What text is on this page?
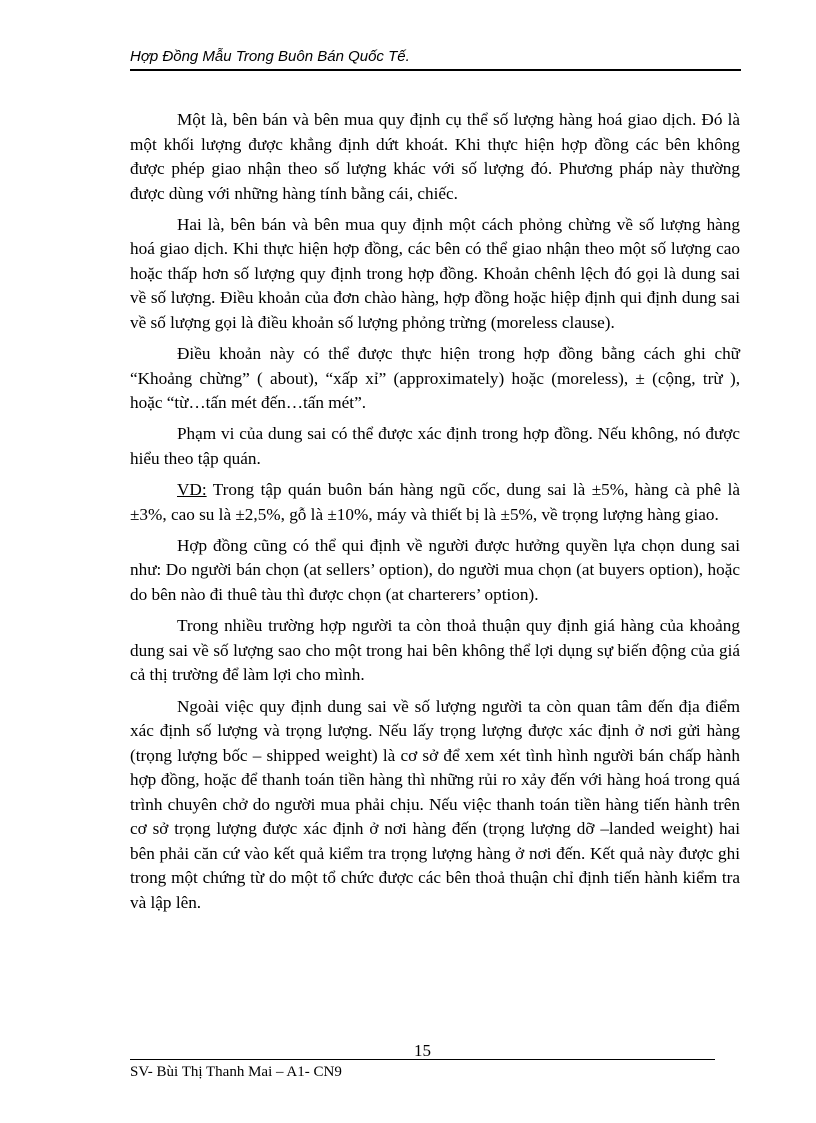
Hợp Đồng Mẫu Trong Buôn Bán Quốc Tế.

Một là, bên bán và bên mua quy định cụ thể số lượng hàng hoá giao dịch. Đó là một khối lượng được khẳng định dứt khoát. Khi thực hiện hợp đồng các bên không được phép giao nhận theo số lượng khác với số lượng đó. Phương pháp này thường được dùng với những hàng tính bằng cái, chiếc.

Hai là, bên bán và bên mua quy định một cách phỏng chừng về số lượng hàng hoá giao dịch. Khi thực hiện hợp đồng, các bên có thể giao nhận theo một số lượng cao hoặc thấp hơn số lượng quy định trong hợp đồng. Khoản chênh lệch đó gọi là dung sai về số lượng. Điều khoản của đơn chào hàng, hợp đồng hoặc hiệp định qui định dung sai về số lượng gọi là điều khoản số lượng phỏng trừng (moreless clause).

Điều khoản này có thể được thực hiện trong hợp đồng bằng cách ghi chữ “Khoảng chừng” ( about), “xấp xỉ” (approximately) hoặc (moreless), ± (cộng, trừ ), hoặc “từ…tấn mét đến…tấn mét”.

Phạm vi của dung sai có thể được xác định trong hợp đồng. Nếu không, nó được hiểu theo tập quán.

VD: Trong tập quán buôn bán hàng ngũ cốc, dung sai là ±5%, hàng cà phê là ±3%, cao su là ±2,5%, gỗ là ±10%, máy và thiết bị là ±5%, về trọng lượng hàng giao.

Hợp đồng cũng có thể qui định về người được hưởng quyền lựa chọn dung sai như: Do người bán chọn (at sellers’ option), do người mua chọn (at buyers option), hoặc do bên nào đi thuê tàu thì được chọn (at charterers’ option).

Trong nhiều trường hợp người ta còn thoả thuận quy định giá hàng của khoảng dung sai về số lượng sao cho một trong hai bên không thể lợi dụng sự biến động của giá cả thị trường để làm lợi cho mình.

Ngoài việc quy định dung sai về số lượng người ta còn quan tâm đến địa điểm xác định số lượng và trọng lượng. Nếu lấy trọng lượng được xác định ở nơi gửi hàng (trọng lượng bốc – shipped weight) là cơ sở để xem xét tình hình người bán chấp hành hợp đồng, hoặc để thanh toán tiền hàng thì những rủi ro xảy đến với hàng hoá trong quá trình chuyên chở do người mua phải chịu. Nếu việc thanh toán tiền hàng tiến hành trên cơ sở trọng lượng được xác định ở nơi hàng đến (trọng lượng dỡ –landed weight) hai bên phải căn cứ vào kết quả kiểm tra trọng lượng hàng ở nơi đến. Kết quả này được ghi trong một chứng từ do một tổ chức được các bên thoả thuận chỉ định tiến hành kiểm tra và lập lên.

15
SV- Bùi Thị Thanh Mai – A1- CN9
